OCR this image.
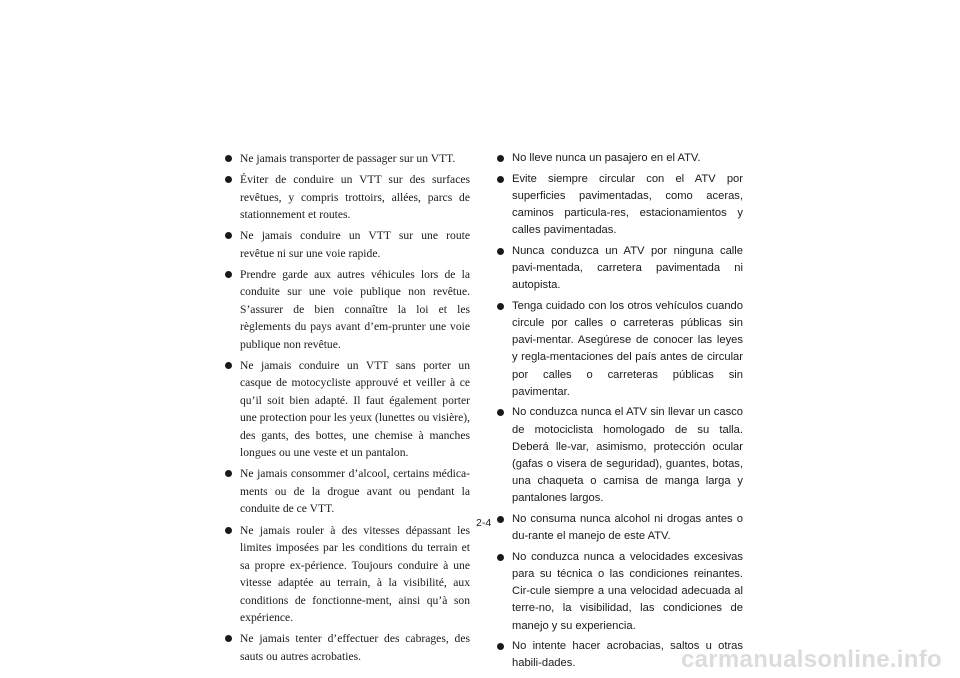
Ne jamais transporter de passager sur un VTT.
Éviter de conduire un VTT sur des surfaces revêtues, y compris trottoirs, allées, parcs de stationnement et routes.
Ne jamais conduire un VTT sur une route revêtue ni sur une voie rapide.
Prendre garde aux autres véhicules lors de la conduite sur une voie publique non revêtue. S’assurer de bien connaître la loi et les règlements du pays avant d’em-prunter une voie publique non revêtue.
Ne jamais conduire un VTT sans porter un casque de motocycliste approuvé et veiller à ce qu’il soit bien adapté. Il faut également porter une protection pour les yeux (lunettes ou visière), des gants, des bottes, une chemise à manches longues ou une veste et un pantalon.
Ne jamais consommer d’alcool, certains médica-ments ou de la drogue avant ou pendant la conduite de ce VTT.
Ne jamais rouler à des vitesses dépassant les limites imposées par les conditions du terrain et sa propre ex-périence. Toujours conduire à une vitesse adaptée au terrain, à la visibilité, aux conditions de fonctionne-ment, ainsi qu’à son expérience.
Ne jamais tenter d’effectuer des cabrages, des sauts ou autres acrobaties.
No lleve nunca un pasajero en el ATV.
Evite siempre circular con el ATV por superficies pavimentadas, como aceras, caminos particula-res, estacionamientos y calles pavimentadas.
Nunca conduzca un ATV por ninguna calle pavi-mentada, carretera pavimentada ni autopista.
Tenga cuidado con los otros vehículos cuando circule por calles o carreteras públicas sin pavi-mentar. Asegúrese de conocer las leyes y regla-mentaciones del país antes de circular por calles o carreteras públicas sin pavimentar.
No conduzca nunca el ATV sin llevar un casco de motociclista homologado de su talla. Deberá lle-var, asimismo, protección ocular (gafas o visera de seguridad), guantes, botas, una chaqueta o camisa de manga larga y pantalones largos.
No consuma nunca alcohol ni drogas antes o du-rante el manejo de este ATV.
No conduzca nunca a velocidades excesivas para su técnica o las condiciones reinantes. Cir-cule siempre a una velocidad adecuada al terre-no, la visibilidad, las condiciones de manejo y su experiencia.
No intente hacer acrobacias, saltos u otras habili-dades.
2-4
carmanualsonline.info
